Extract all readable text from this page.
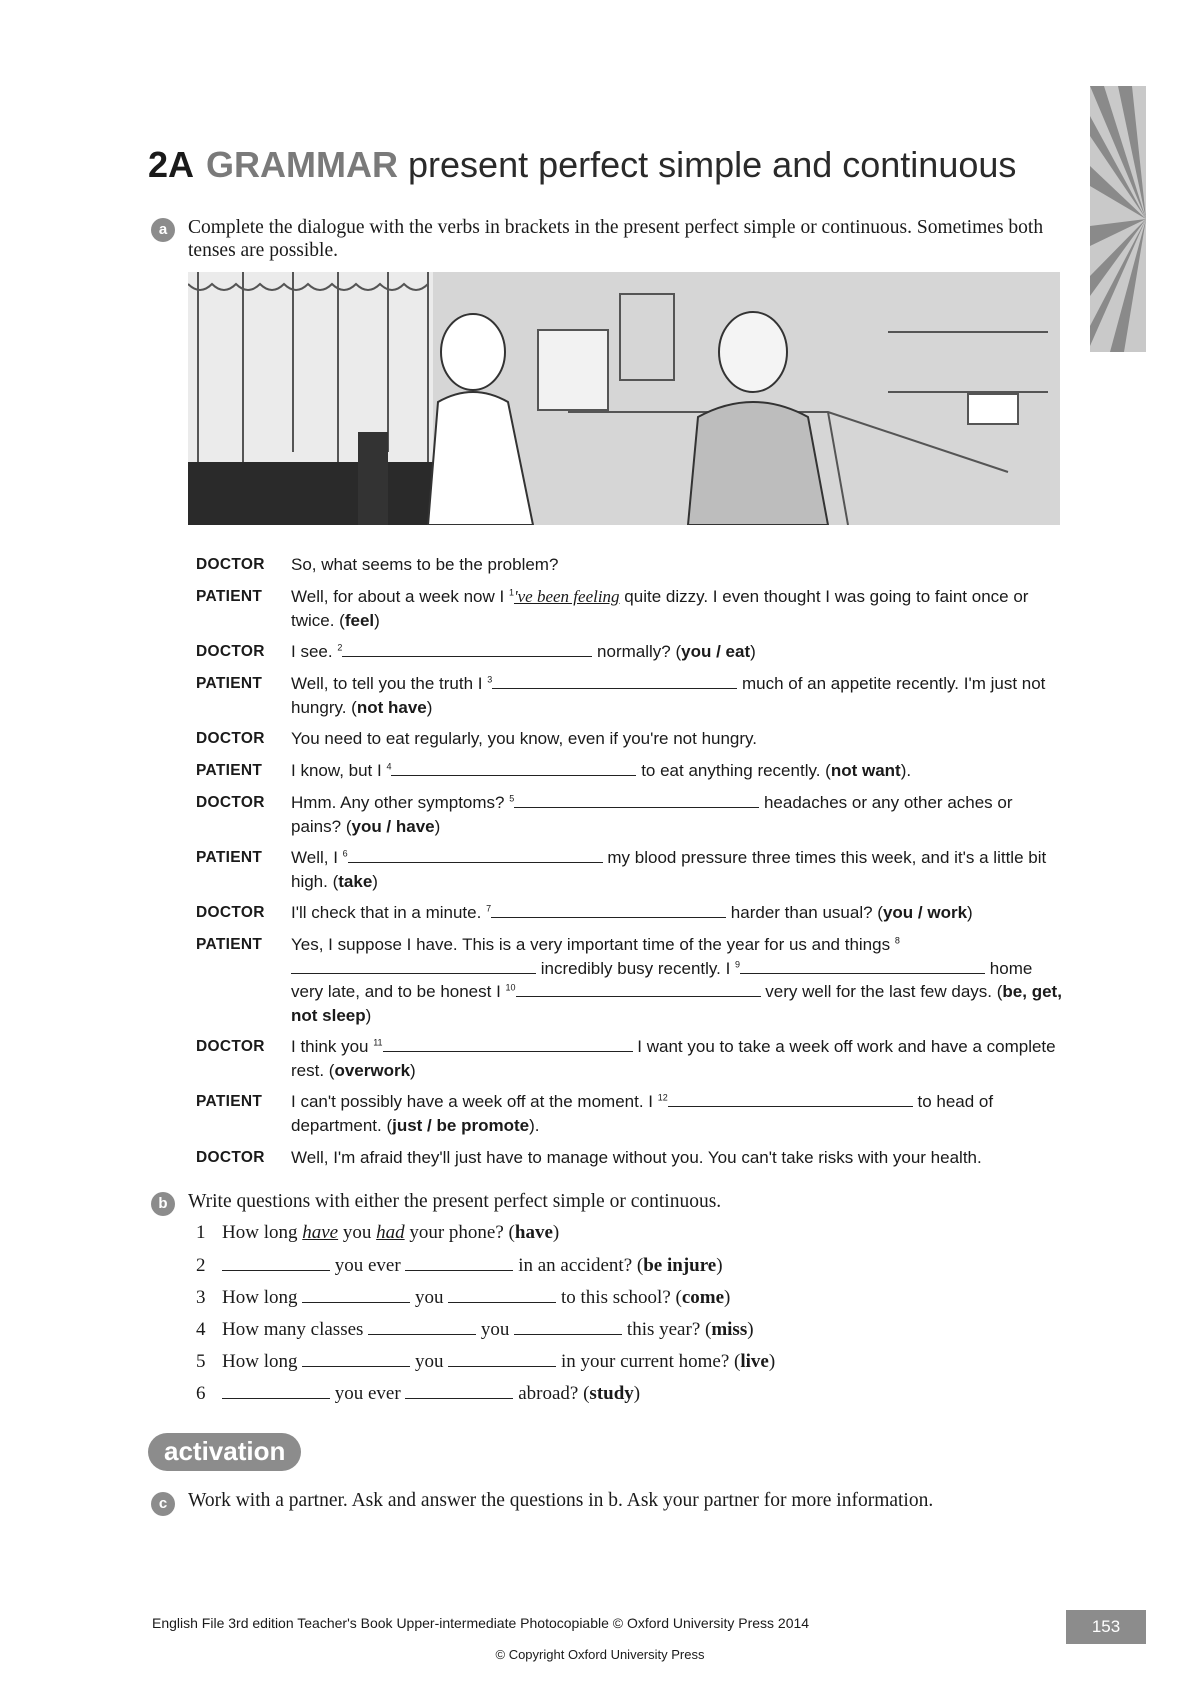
2A GRAMMAR present perfect simple and continuous
a	Complete the dialogue with the verbs in brackets in the present perfect simple or continuous. Sometimes both tenses are possible.
DOCTOR	So, what seems to be the problem?
PATIENT	Well, for about a week now I $^1$'ve been feeling quite dizzy. I even thought I was going to faint once or twice. (feel)
DOCTOR	I see. $^2$	normally? (you / eat)
PATIENT	Well, to tell you the truth I $^3$	much of an appetite recently. I'm just not hungry. (not have)
DOCTOR	You need to eat regularly, you know, even if you're not hungry.
PATIENT	I know, but I $^4$	to eat anything recently. (not want).
DOCTOR	Hmm. Any other symptoms? $^5$	headaches or any other aches or pains? (you / have)
PATIENT	Well, I $^6$	my blood pressure three times this week, and it's a little bit high. (take)
DOCTOR	I'll check that in a minute. $^7$	harder than usual? (you / work)
PATIENT	Yes, I suppose I have. This is a very important time of the year for us and things $^8$ incredibly busy recently. I $^9$	home very late, and to be honest I $^{10}$	very well for the last few days. (be, get, not sleep)
DOCTOR	I think you $^{11}$	I want you to take a week off work and have a complete rest. (overwork)
PATIENT	I can't possibly have a week off at the moment. I $^{12}$	to head of department. (just / be promote).
DOCTOR	Well, I'm afraid they'll just have to manage without you. You can't take risks with your health.
b	Write questions with either the present perfect simple or continuous.
1 How long have you had your phone? (have)
2	you ever	in an accident? (be injure)
3 How long	you	to this school? (come)
4 How many classes	you	this year? (miss)
5 How long	you	in your current home? (live)
6	you ever	abroad? (study)
activation
c	Work with a partner. Ask and answer the questions in b. Ask your partner for more information.
English File 3rd edition Teacher's Book Upper-intermediate Photocopiable © Oxford University Press 2014	153
© Copyright Oxford University Press
